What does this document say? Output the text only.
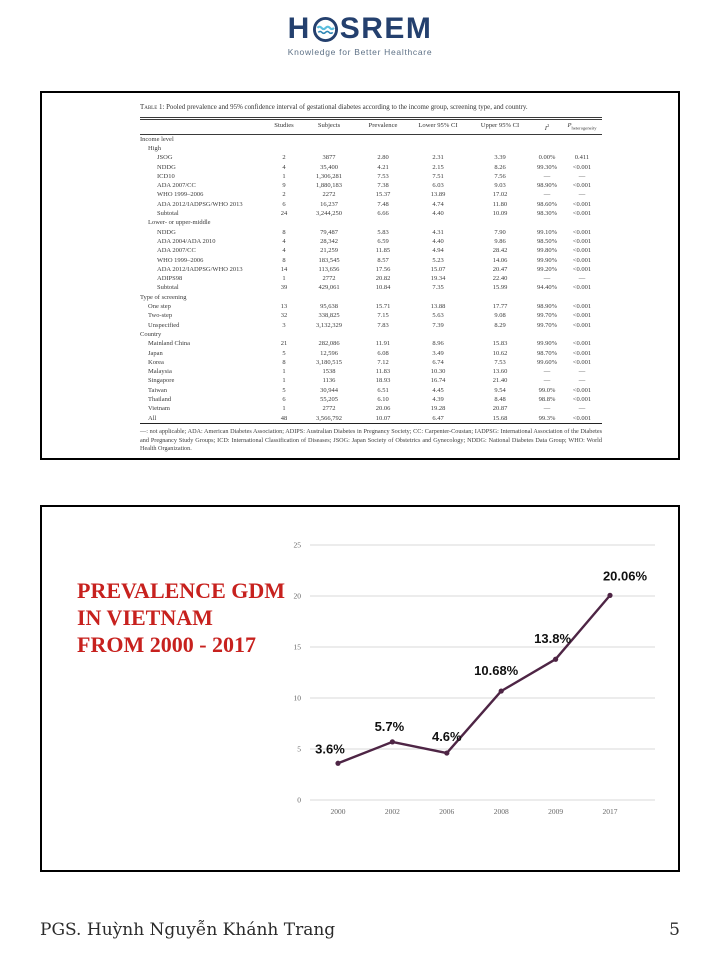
H SREM
Knowledge for Better Healthcare
Table 1: Pooled prevalence and 95% confidence interval of gestational diabetes according to the income group, screening type, and country.
Studies	Subjects	Prevalence	Lower 95% CI	Upper 95% CI	$I^2$	$P_{heterogeneity}$
Income level
High
JSOG	2	3877	2.80	2.31	3.39	0.00%	0.411
NDDG	4	35,400	4.21	2.15	8.26	99.30%	<0.001
ICD10	1	1,306,281	7.53	7.51	7.56	—	—
ADA 2007/CC	9	1,880,183	7.38	6.03	9.03	98.90%	<0.001
WHO 1999–2006	2	2272	15.37	13.89	17.02	—	—
ADA 2012/IADPSG/WHO 2013	6	16,237	7.48	4.74	11.80	98.60%	<0.001
Subtotal	24	3,244,250	6.66	4.40	10.09	98.30%	<0.001
Lower- or upper-middle
NDDG	8	79,487	5.83	4.31	7.90	99.10%	<0.001
ADA 2004/ADA 2010	4	28,342	6.59	4.40	9.86	98.50%	<0.001
ADA 2007/CC	4	21,259	11.85	4.94	28.42	99.80%	<0.001
WHO 1999–2006	8	183,545	8.57	5.23	14.06	99.90%	<0.001
ADA 2012/IADPSG/WHO 2013	14	113,656	17.56	15.07	20.47	99.20%	<0.001
ADIPS98	1	2772	20.82	19.34	22.40	—	—
Subtotal	39	429,061	10.84	7.35	15.99	94.40%	<0.001
Type of screening
One step	13	95,638	15.71	13.88	17.77	98.90%	<0.001
Two-step	32	338,825	7.15	5.63	9.08	99.70%	<0.001
Unspecified	3	3,132,329	7.83	7.39	8.29	99.70%	<0.001
Country
Mainland China	21	282,086	11.91	8.96	15.83	99.90%	<0.001
Japan	5	12,596	6.08	3.49	10.62	98.70%	<0.001
Korea	8	3,180,515	7.12	6.74	7.53	99.60%	<0.001
Malaysia	1	1538	11.83	10.30	13.60	—	—
Singapore	1	1136	18.93	16.74	21.40	—	—
Taiwan	5	30,944	6.51	4.45	9.54	99.0%	<0.001
Thailand	6	55,205	6.10	4.39	8.48	98.8%	<0.001
Vietnam	1	2772	20.06	19.28	20.87	—	—
All	48	3,566,792	10.07	6.47	15.68	99.3%	<0.001
—: not applicable; ADA: American Diabetes Association; ADIPS: Australian Diabetes in Pregnancy Society; CC: Carpenter-Coustan; IADPSG: International Association of the Diabetes and Pregnancy Study Groups; ICD: International Classification of Diseases; JSOG: Japan Society of Obstetrics and Gynecology; NDDG: National Diabetes Data Group; WHO: World Health Organization.
0
5
10
15
20
25
2000	2002	2006	2008	2009	2017
3.6%
5.7%
4.6%
10.68%
13.8%
20.06%
PREVALENCE GDM
IN VIETNAM
FROM 2000 - 2017
PGS. Huỳnh Nguyễn Khánh Trang	5
